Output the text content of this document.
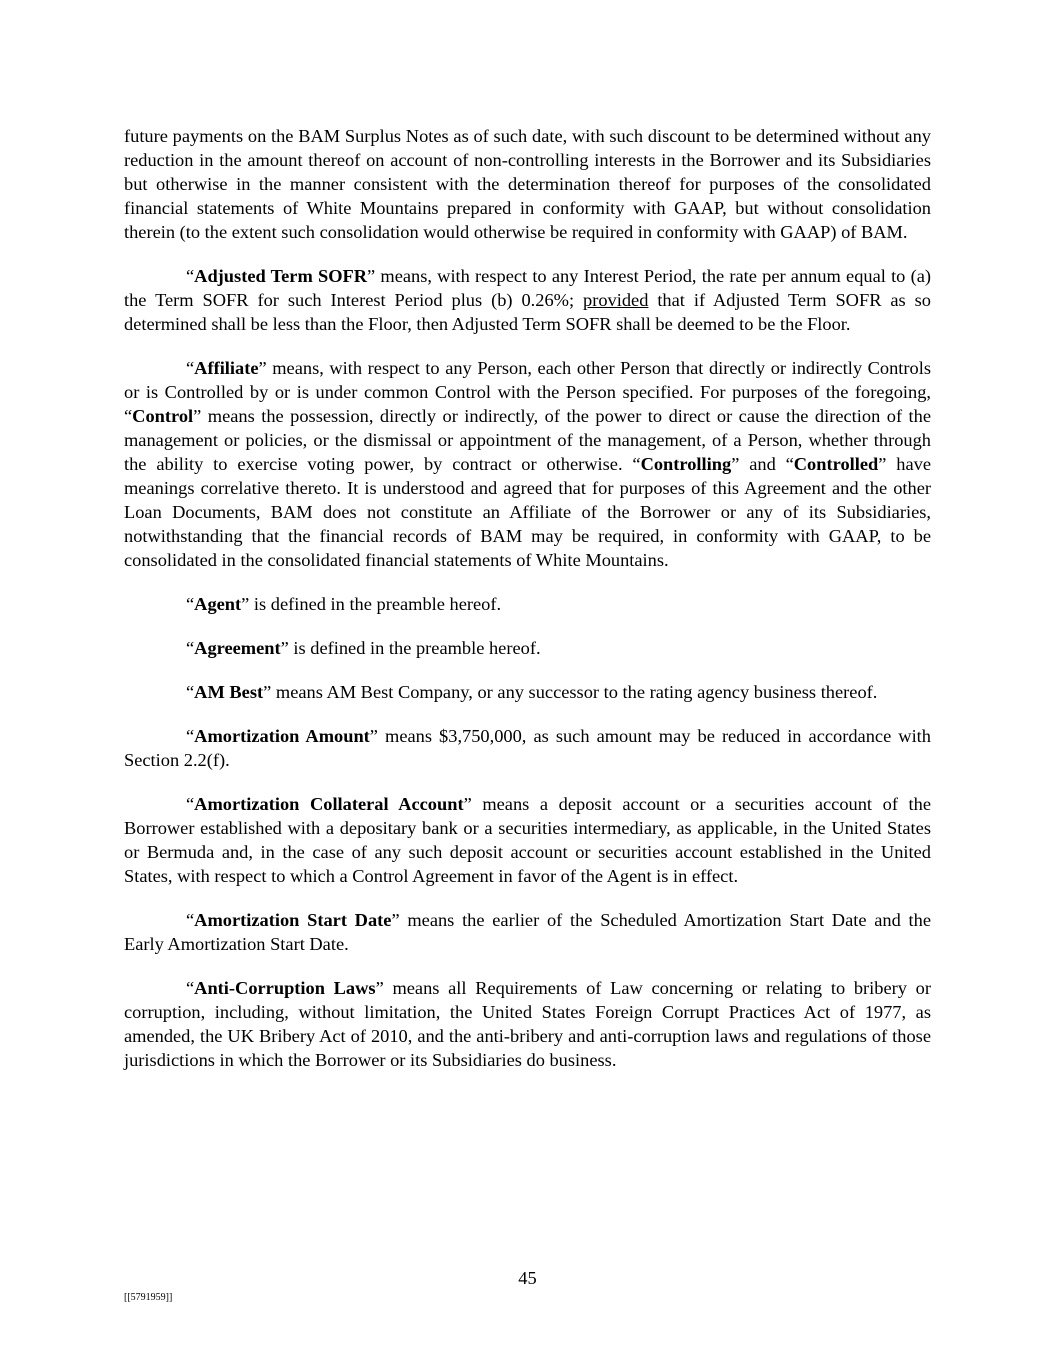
future payments on the BAM Surplus Notes as of such date, with such discount to be determined without any reduction in the amount thereof on account of non-controlling interests in the Borrower and its Subsidiaries but otherwise in the manner consistent with the determination thereof for purposes of the consolidated financial statements of White Mountains prepared in conformity with GAAP, but without consolidation therein (to the extent such consolidation would otherwise be required in conformity with GAAP) of BAM.

“Adjusted Term SOFR” means, with respect to any Interest Period, the rate per annum equal to (a) the Term SOFR for such Interest Period plus (b) 0.26%; provided that if Adjusted Term SOFR as so determined shall be less than the Floor, then Adjusted Term SOFR shall be deemed to be the Floor.

“Affiliate” means, with respect to any Person, each other Person that directly or indirectly Controls or is Controlled by or is under common Control with the Person specified. For purposes of the foregoing, “Control” means the possession, directly or indirectly, of the power to direct or cause the direction of the management or policies, or the dismissal or appointment of the management, of a Person, whether through the ability to exercise voting power, by contract or otherwise. “Controlling” and “Controlled” have meanings correlative thereto. It is understood and agreed that for purposes of this Agreement and the other Loan Documents, BAM does not constitute an Affiliate of the Borrower or any of its Subsidiaries, notwithstanding that the financial records of BAM may be required, in conformity with GAAP, to be consolidated in the consolidated financial statements of White Mountains.

“Agent” is defined in the preamble hereof.

“Agreement” is defined in the preamble hereof.

“AM Best” means AM Best Company, or any successor to the rating agency business thereof.

“Amortization Amount” means $3,750,000, as such amount may be reduced in accordance with Section 2.2(f).

“Amortization Collateral Account” means a deposit account or a securities account of the Borrower established with a depositary bank or a securities intermediary, as applicable, in the United States or Bermuda and, in the case of any such deposit account or securities account established in the United States, with respect to which a Control Agreement in favor of the Agent is in effect.

“Amortization Start Date” means the earlier of the Scheduled Amortization Start Date and the Early Amortization Start Date.

“Anti-Corruption Laws” means all Requirements of Law concerning or relating to bribery or corruption, including, without limitation, the United States Foreign Corrupt Practices Act of 1977, as amended, the UK Bribery Act of 2010, and the anti-bribery and anti-corruption laws and regulations of those jurisdictions in which the Borrower or its Subsidiaries do business.

45
[[5791959]]
